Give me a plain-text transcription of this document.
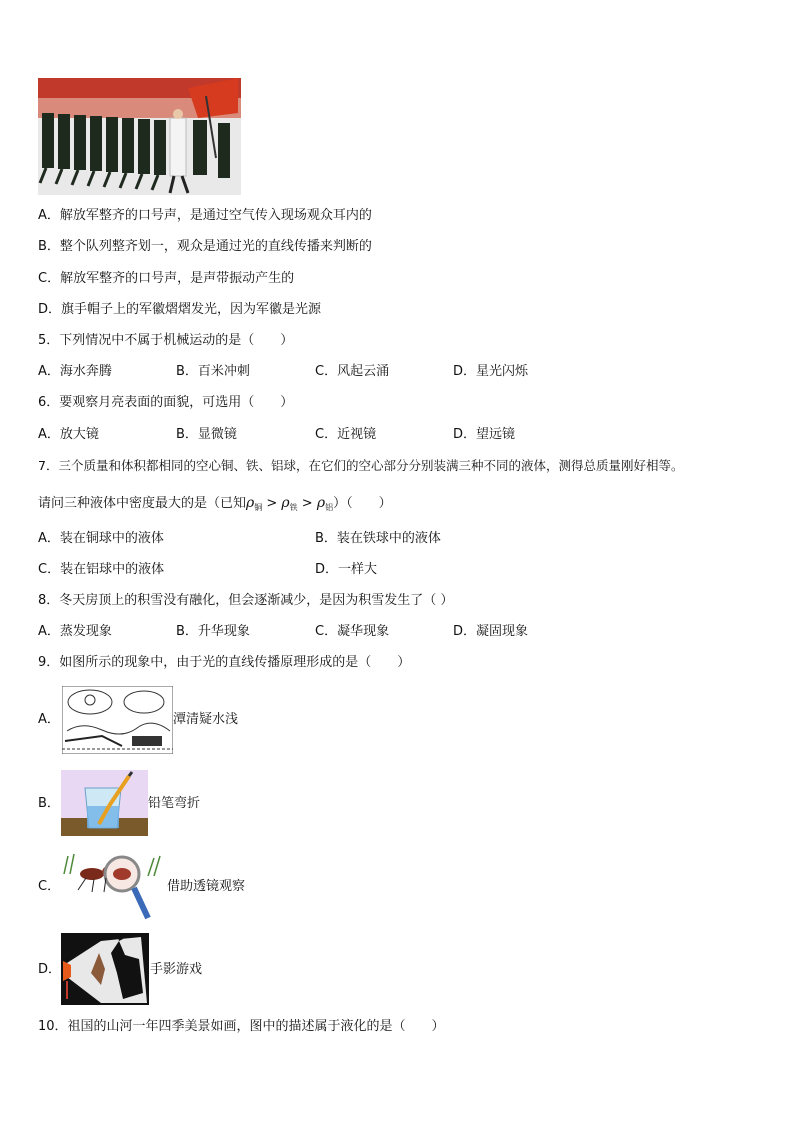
A．解放军整齐的口号声，是通过空气传入现场观众耳内的
B．整个队列整齐划一，观众是通过光的直线传播来判断的
C．解放军整齐的口号声，是声带振动产生的
D．旗手帽子上的军徽熠熠发光，因为军徽是光源
5．下列情况中不属于机械运动的是（　　）
A．海水奔腾	B．百米冲刺	C．风起云涌	D．星光闪烁
6．要观察月亮表面的面貌，可选用（　　）
A．放大镜	B．显微镜	C．近视镜	D．望远镜
7．三个质量和体积都相同的空心铜、铁、铝球，在它们的空心部分分别装满三种不同的液体，测得总质量刚好相等。
请问三种液体中密度最大的是（已知$\rho_铜 > \rho_铁 > \rho_铝$）（　　）
A．装在铜球中的液体	B．装在铁球中的液体
C．装在铝球中的液体	D．一样大
8．冬天房顶上的积雪没有融化，但会逐渐减少，是因为积雪发生了（ ）
A．蒸发现象	B．升华现象	C．凝华现象	D．凝固现象
9．如图所示的现象中，由于光的直线传播原理形成的是（　　）
A．	潭清疑水浅
B．	铅笔弯折
C．	借助透镜观察
D．	手影游戏
10．祖国的山河一年四季美景如画，图中的描述属于液化的是（　　）
